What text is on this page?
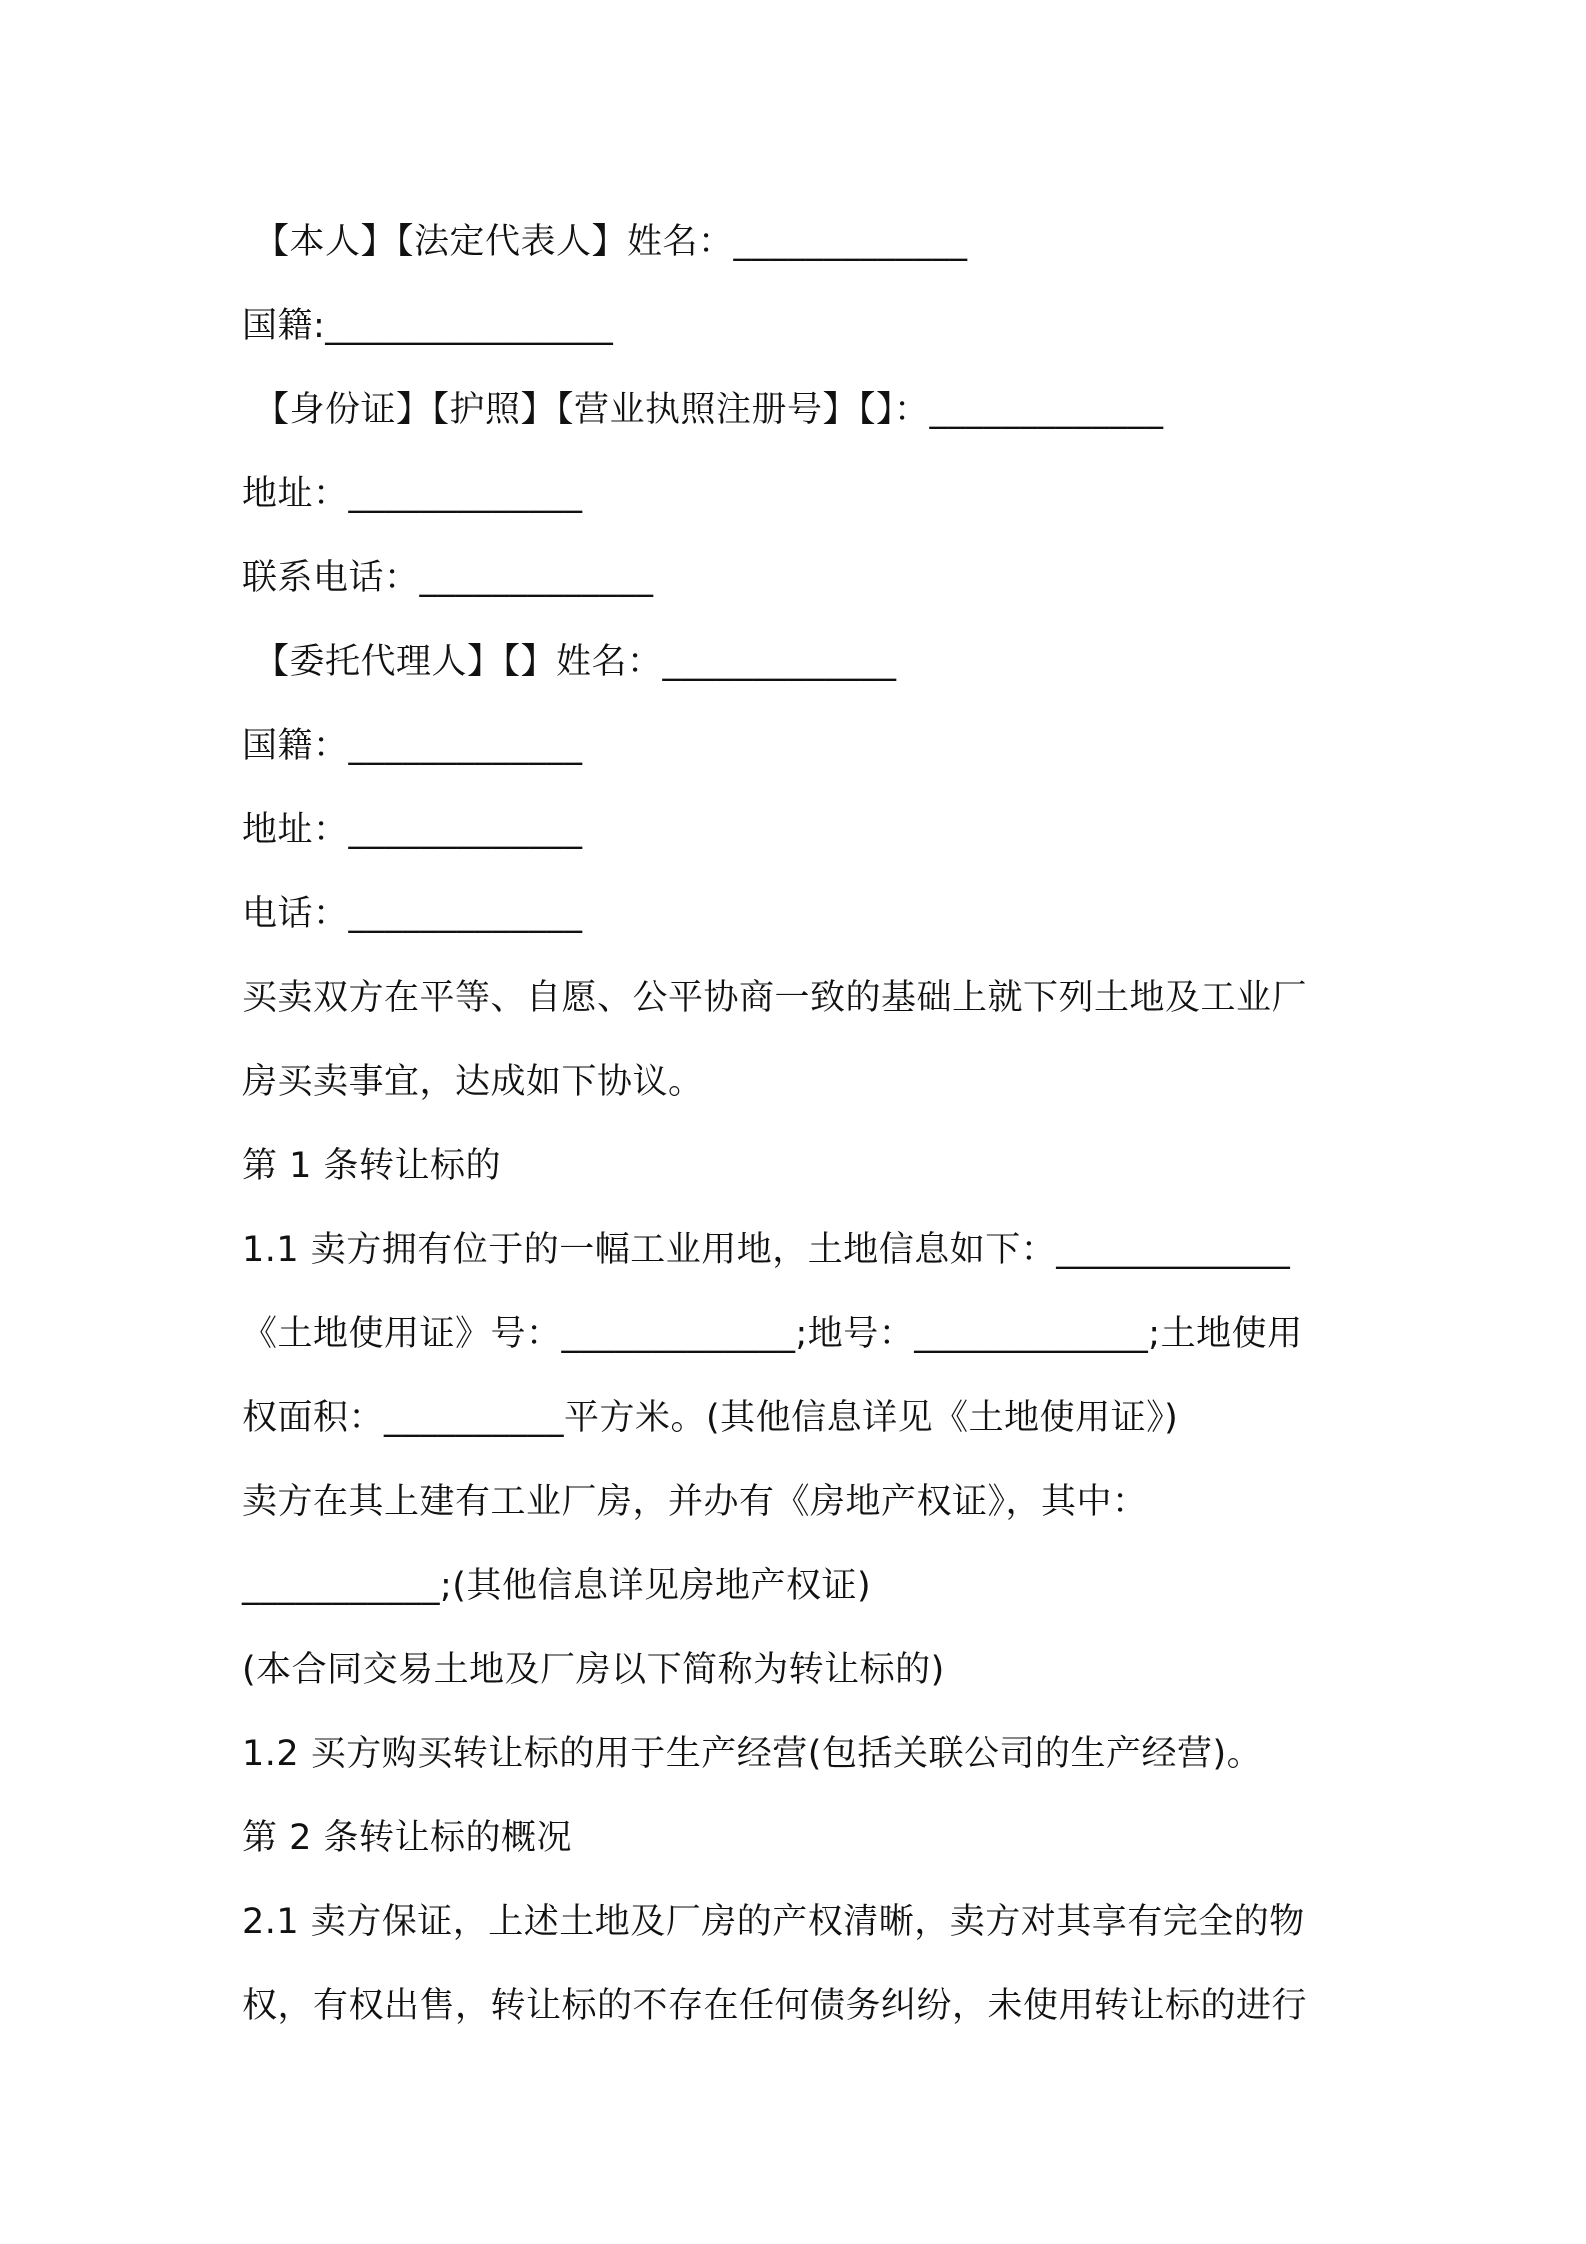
【本人】【法定代表人】姓名：_____________
国籍:________________
【身份证】【护照】【营业执照注册号】【】：_____________
地址：_____________
联系电话：_____________
【委托代理人】【】姓名：_____________
国籍：_____________
地址：_____________
电话：_____________
买卖双方在平等、自愿、公平协商一致的基础上就下列土地及工业厂
房买卖事宜，达成如下协议。
第 1 条转让标的
1.1 卖方拥有位于的一幅工业用地，土地信息如下：_____________
《土地使用证》号：_____________;地号：_____________;土地使用
权面积：__________平方米。(其他信息详见《土地使用证》)
卖方在其上建有工业厂房，并办有《房地产权证》，其中：
___________;(其他信息详见房地产权证)
(本合同交易土地及厂房以下简称为转让标的)
1.2 买方购买转让标的用于生产经营(包括关联公司的生产经营)。
第 2 条转让标的概况
2.1 卖方保证，上述土地及厂房的产权清晰，卖方对其享有完全的物
权，有权出售，转让标的不存在任何债务纠纷，未使用转让标的进行
